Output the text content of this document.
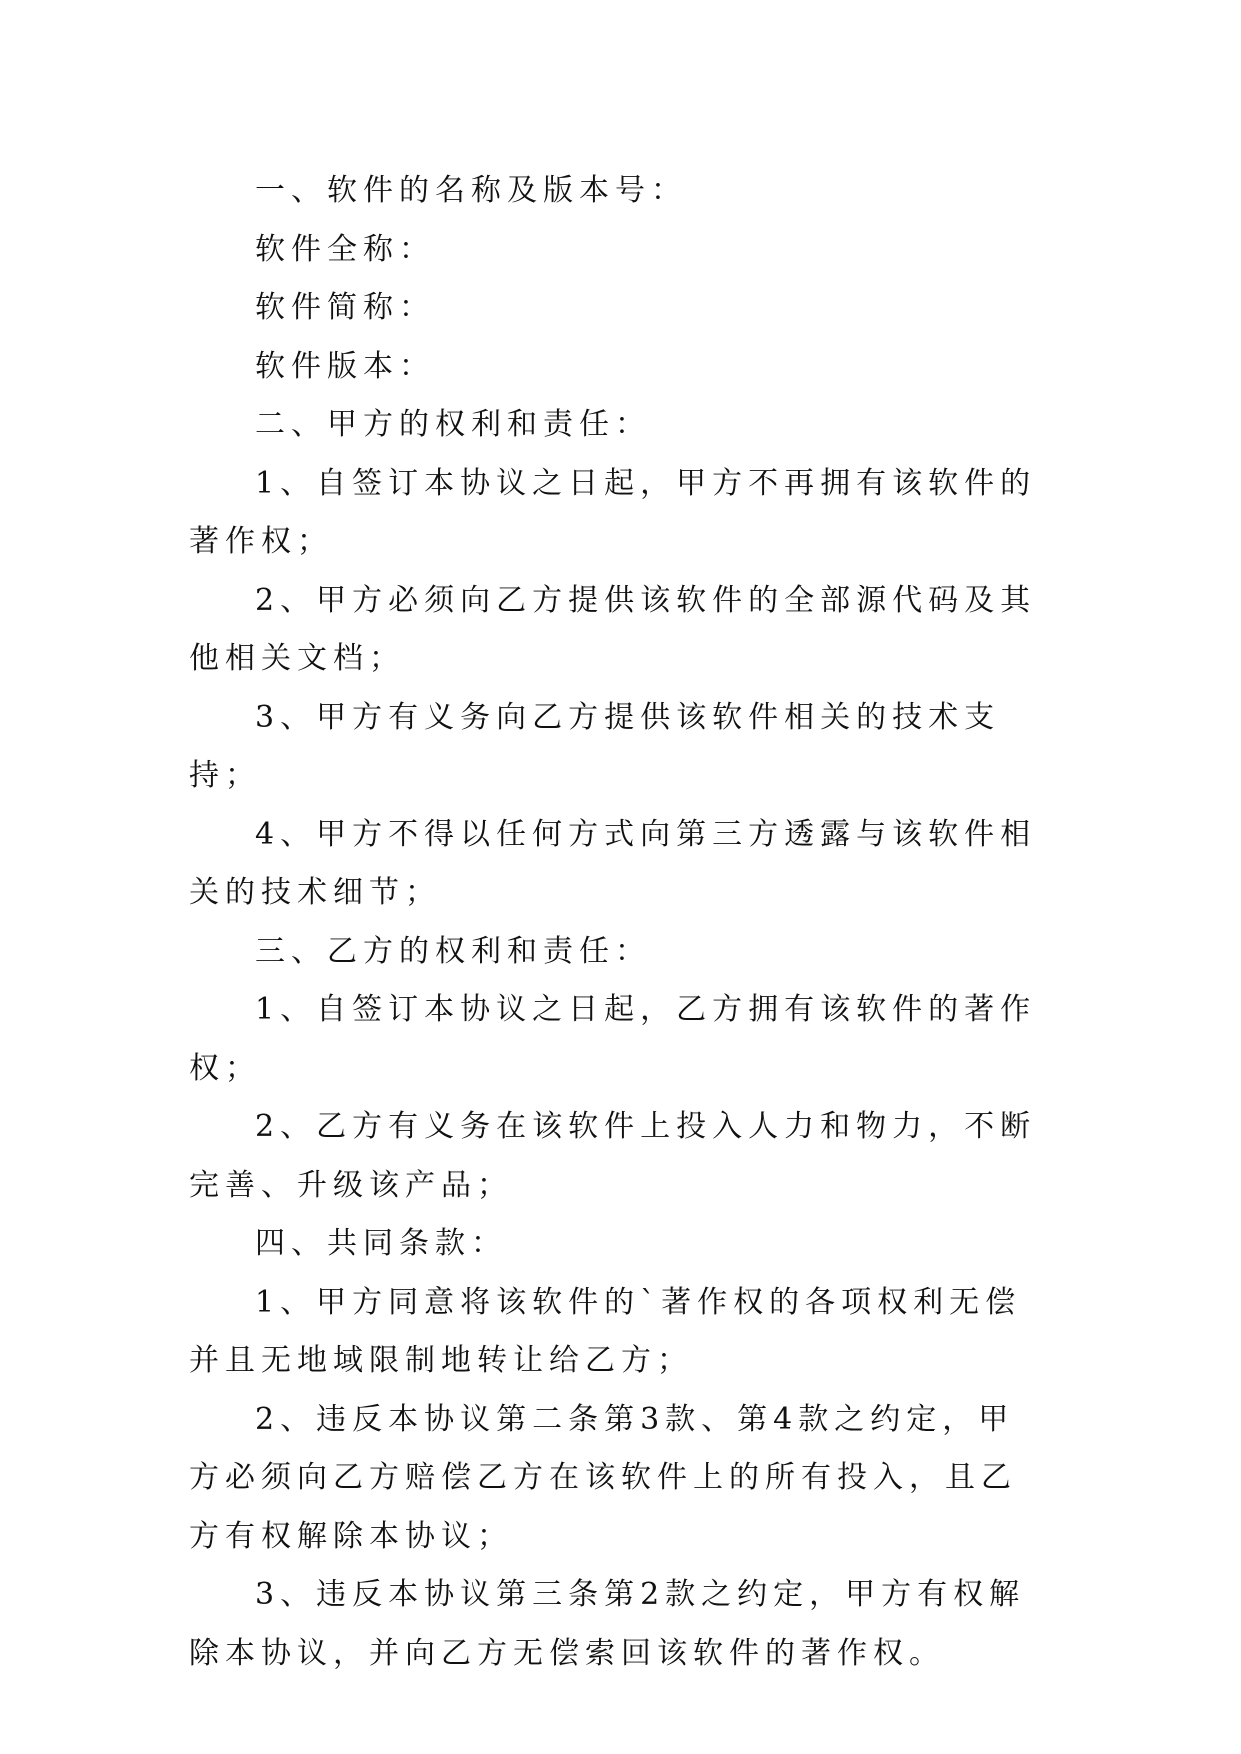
一、软件的名称及版本号：

软件全称：

软件简称：

软件版本：

二、甲方的权利和责任：

1、自签订本协议之日起，甲方不再拥有该软件的著作权；

2、甲方必须向乙方提供该软件的全部源代码及其他相关文档；

3、甲方有义务向乙方提供该软件相关的技术支持；

4、甲方不得以任何方式向第三方透露与该软件相关的技术细节；

三、乙方的权利和责任：

1、自签订本协议之日起，乙方拥有该软件的著作权；

2、乙方有义务在该软件上投入人力和物力，不断完善、升级该产品；

四、共同条款：

1、甲方同意将该软件的`著作权的各项权利无偿并且无地域限制地转让给乙方；

2、违反本协议第二条第3款、第4款之约定，甲方必须向乙方赔偿乙方在该软件上的所有投入，且乙方有权解除本协议；

3、违反本协议第三条第2款之约定，甲方有权解除本协议，并向乙方无偿索回该软件的著作权。
